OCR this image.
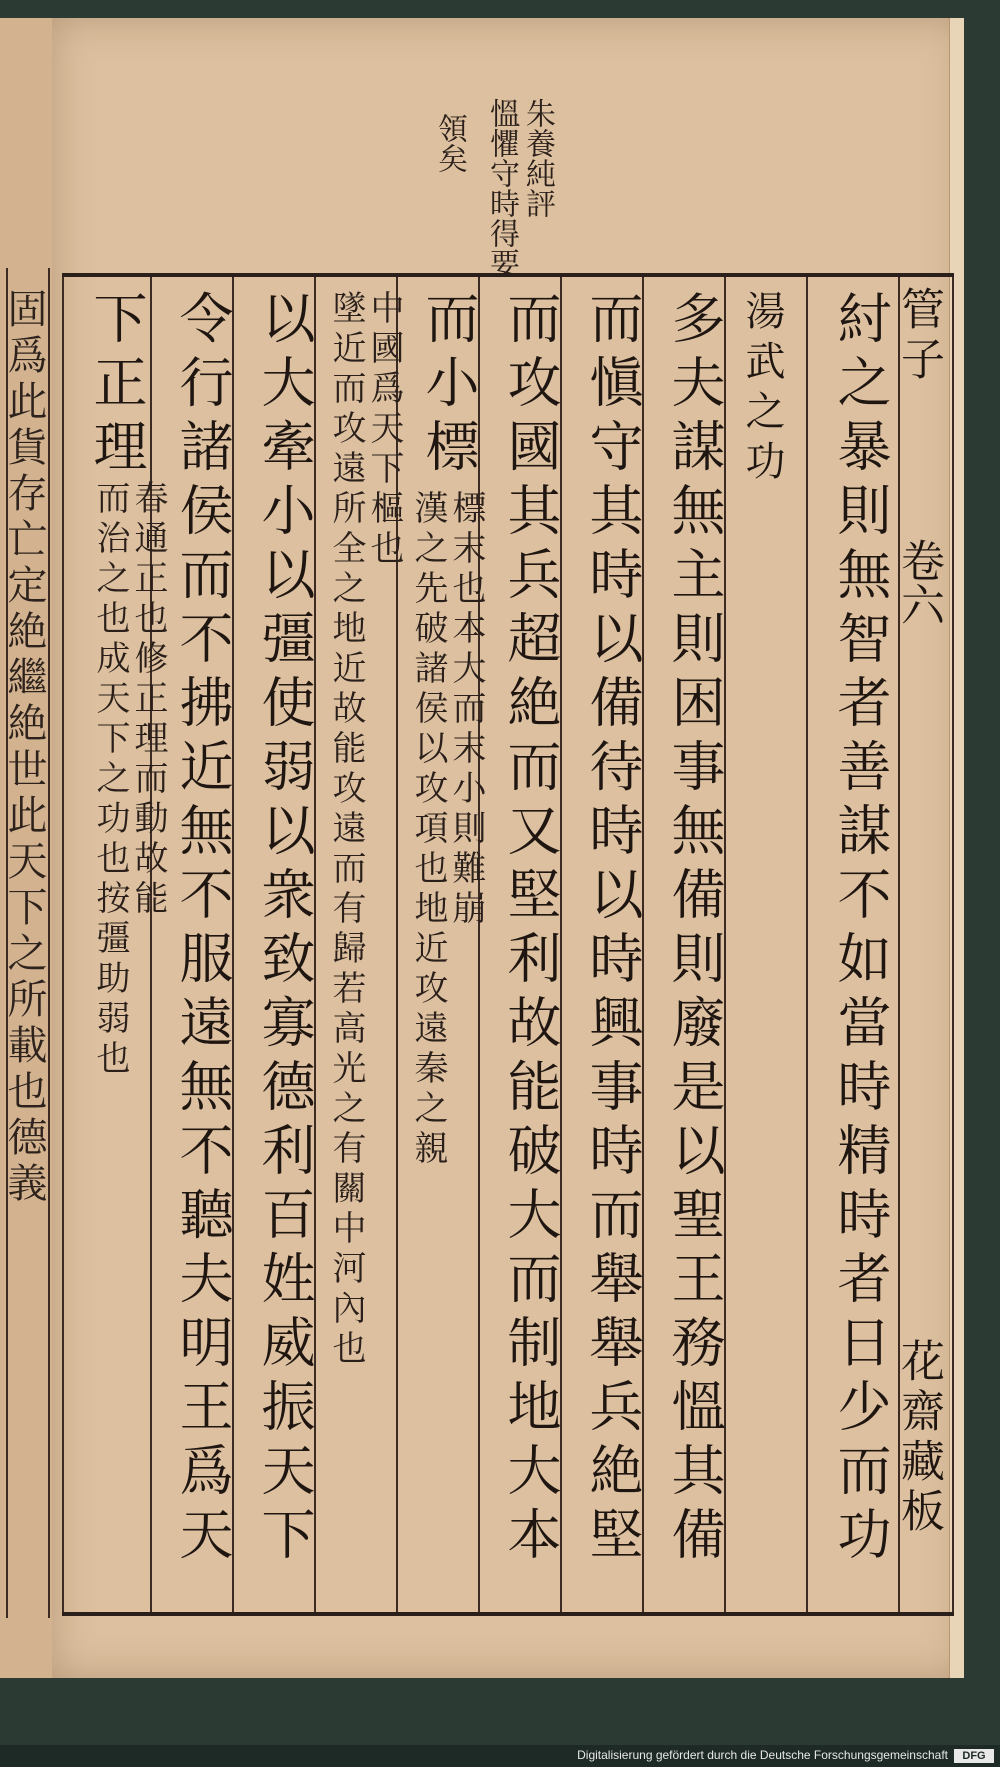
固爲此貨存亡定絶繼絶世此天下之所載也德義
朱養純評
慍懼守時得要
領矣
管子
卷六
花齋藏板
紂之暴則無智者善謀不如當時精時者日少而功
湯武之功
多夫謀無主則困事無備則廢是以聖王務慍其備
而愼守其時以備待時以時興事時而舉舉兵絶堅
而攻國其兵超絶而又堅利故能破大而制地大本
而小標
標末也本大而末小則難崩
漢之先破諸侯以攻項也地近攻遠秦之親
中國爲天下樞也
墜近而攻遠所全之地近故能攻遠而有歸若高光之有關中河內也
以大牽小以彊使弱以衆致寡德利百姓威振天下
令行諸侯而不拂近無不服遠無不聽夫明王爲天
下正理
春通正也修正理而動故能
而治之也成天下之功也按彊助弱也
Digitalisierung gefördert durch die Deutsche Forschungsgemeinschaft	DFG
